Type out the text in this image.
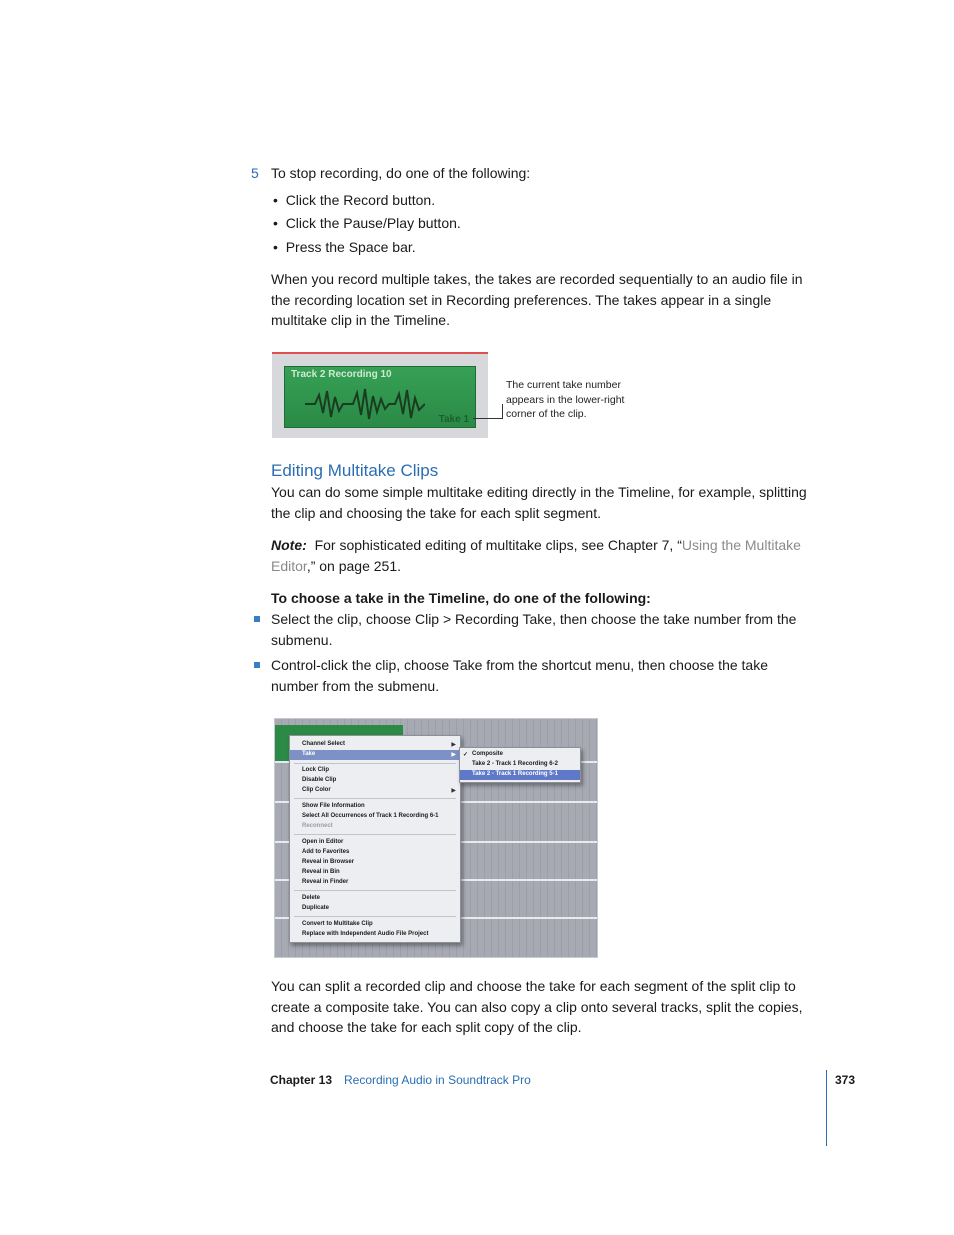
5 To stop recording, do one of the following:
•  Click the Record button.
•  Click the Pause/Play button.
•  Press the Space bar.
When you record multiple takes, the takes are recorded sequentially to an audio file in the recording location set in Recording preferences. The takes appear in a single multitake clip in the Timeline.
Track 2 Recording 10
Take 1
The current take number
appears in the lower-right
corner of the clip.
Editing Multitake Clips
You can do some simple multitake editing directly in the Timeline, for example, splitting the clip and choosing the take for each split segment.
Note: For sophisticated editing of multitake clips, see Chapter 7, “Using the Multitake Editor,” on page 251.
To choose a take in the Timeline, do one of the following:
Select the clip, choose Clip > Recording Take, then choose the take number from the submenu.
Control-click the clip, choose Take from the shortcut menu, then choose the take number from the submenu.
Channel Select	▶
Take	▶
Lock Clip
Disable Clip
Clip Color	▶
Show File Information
Select All Occurrences of Track 1 Recording 6-1
Reconnect
Open in Editor
Add to Favorites
Reveal in Browser
Reveal in Bin
Reveal in Finder
Delete
Duplicate
Convert to Multitake Clip
Replace with Independent Audio File Project
✓ Composite
Take 2 - Track 1 Recording 6-2
Take 2 - Track 1 Recording 5-1
You can split a recorded clip and choose the take for each segment of the split clip to create a composite take. You can also copy a clip onto several tracks, split the copies, and choose the take for each split copy of the clip.
Chapter 13 Recording Audio in Soundtrack Pro	373
